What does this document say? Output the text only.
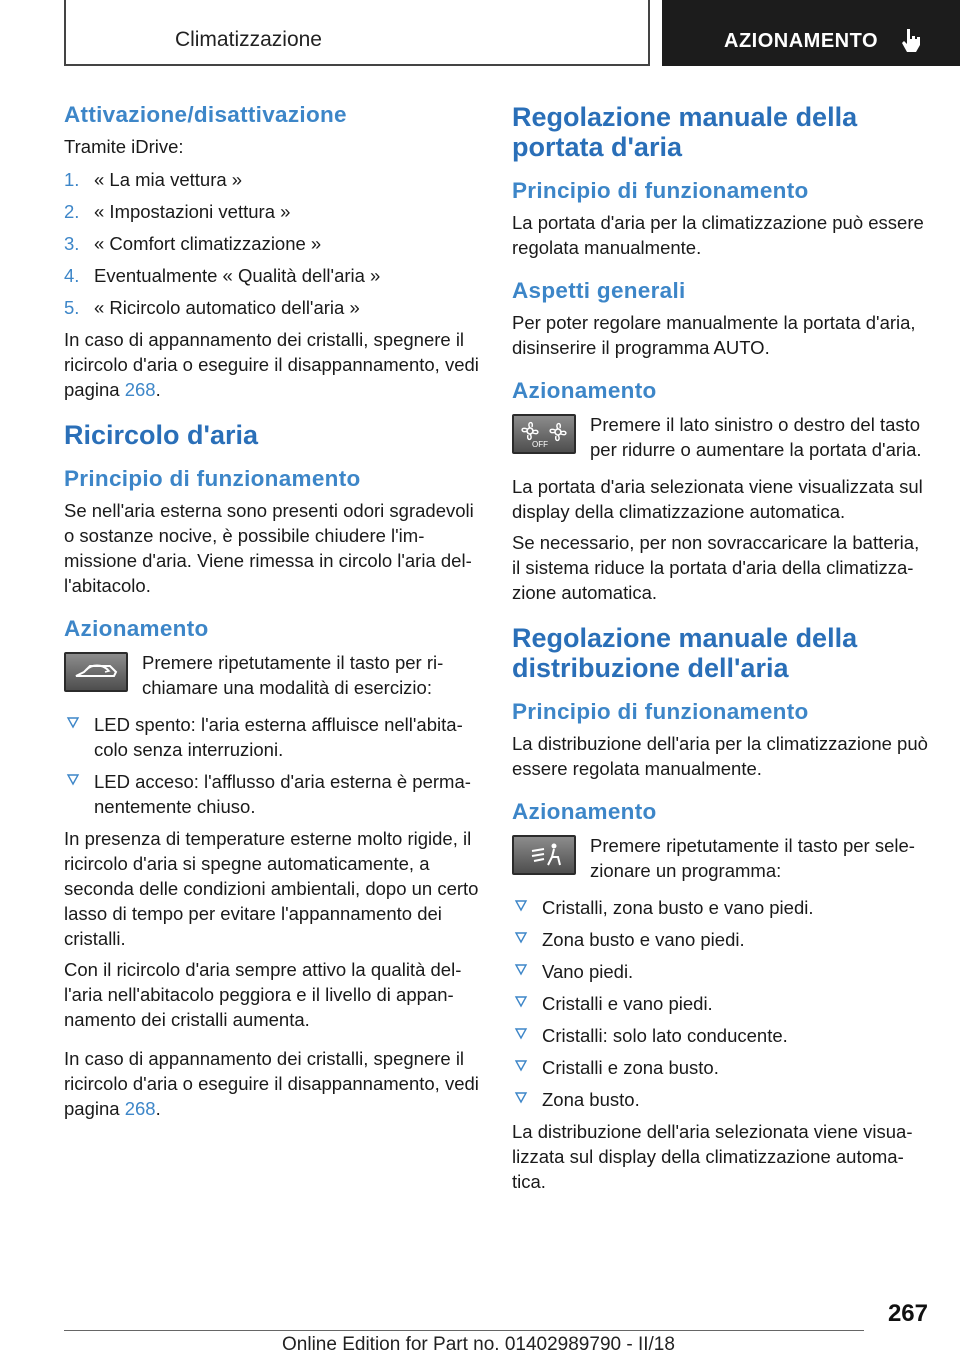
Climatizzazione	AZIONAMENTO
Attivazione/disattivazione

Tramite iDrive:

1. « La mia vettura »
2. « Impostazioni vettura »
3. « Comfort climatizzazione »
4. Eventualmente « Qualità dell'aria »
5. « Ricircolo automatico dell'aria »

In caso di appannamento dei cristalli, spegnere il ricircolo d'aria o eseguire il disappannamento, vedi pagina 268.

Ricircolo d'aria
Principio di funzionamento

Se nell'aria esterna sono presenti odori sgradevoli o sostanze nocive, è possibile chiudere l'immissione d'aria. Viene rimessa in circolo l'aria dell'abitacolo.

Azionamento

Premere ripetutamente il tasto per richiamare una modalità di esercizio:

LED spento: l'aria esterna affluisce nell'abitacolo senza interruzioni.
LED acceso: l'afflusso d'aria esterna è permanentemente chiuso.

In presenza di temperature esterne molto rigide, il ricircolo d'aria si spegne automaticamente, a seconda delle condizioni ambientali, dopo un certo lasso di tempo per evitare l'appannamento dei cristalli.

Con il ricircolo d'aria sempre attivo la qualità dell'aria nell'abitacolo peggiora e il livello di appannamento dei cristalli aumenta.

In caso di appannamento dei cristalli, spegnere il ricircolo d'aria o eseguire il disappannamento, vedi pagina 268.

Regolazione manuale della portata d'aria
Principio di funzionamento

La portata d'aria per la climatizzazione può essere regolata manualmente.

Aspetti generali

Per poter regolare manualmente la portata d'aria, disinserire il programma AUTO.

Azionamento
OFF

Premere il lato sinistro o destro del tasto per ridurre o aumentare la portata d'aria.

La portata d'aria selezionata viene visualizzata sul display della climatizzazione automatica.

Se necessario, per non sovraccaricare la batteria, il sistema riduce la portata d'aria della climatizzazione automatica.

Regolazione manuale della distribuzione dell'aria
Principio di funzionamento

La distribuzione dell'aria per la climatizzazione può essere regolata manualmente.

Azionamento

Premere ripetutamente il tasto per selezionare un programma:

Cristalli, zona busto e vano piedi.
Zona busto e vano piedi.
Vano piedi.
Cristalli e vano piedi.
Cristalli: solo lato conducente.
Cristalli e zona busto.
Zona busto.

La distribuzione dell'aria selezionata viene visualizzata sul display della climatizzazione automatica.

267
Online Edition for Part no. 01402989790 - II/18
